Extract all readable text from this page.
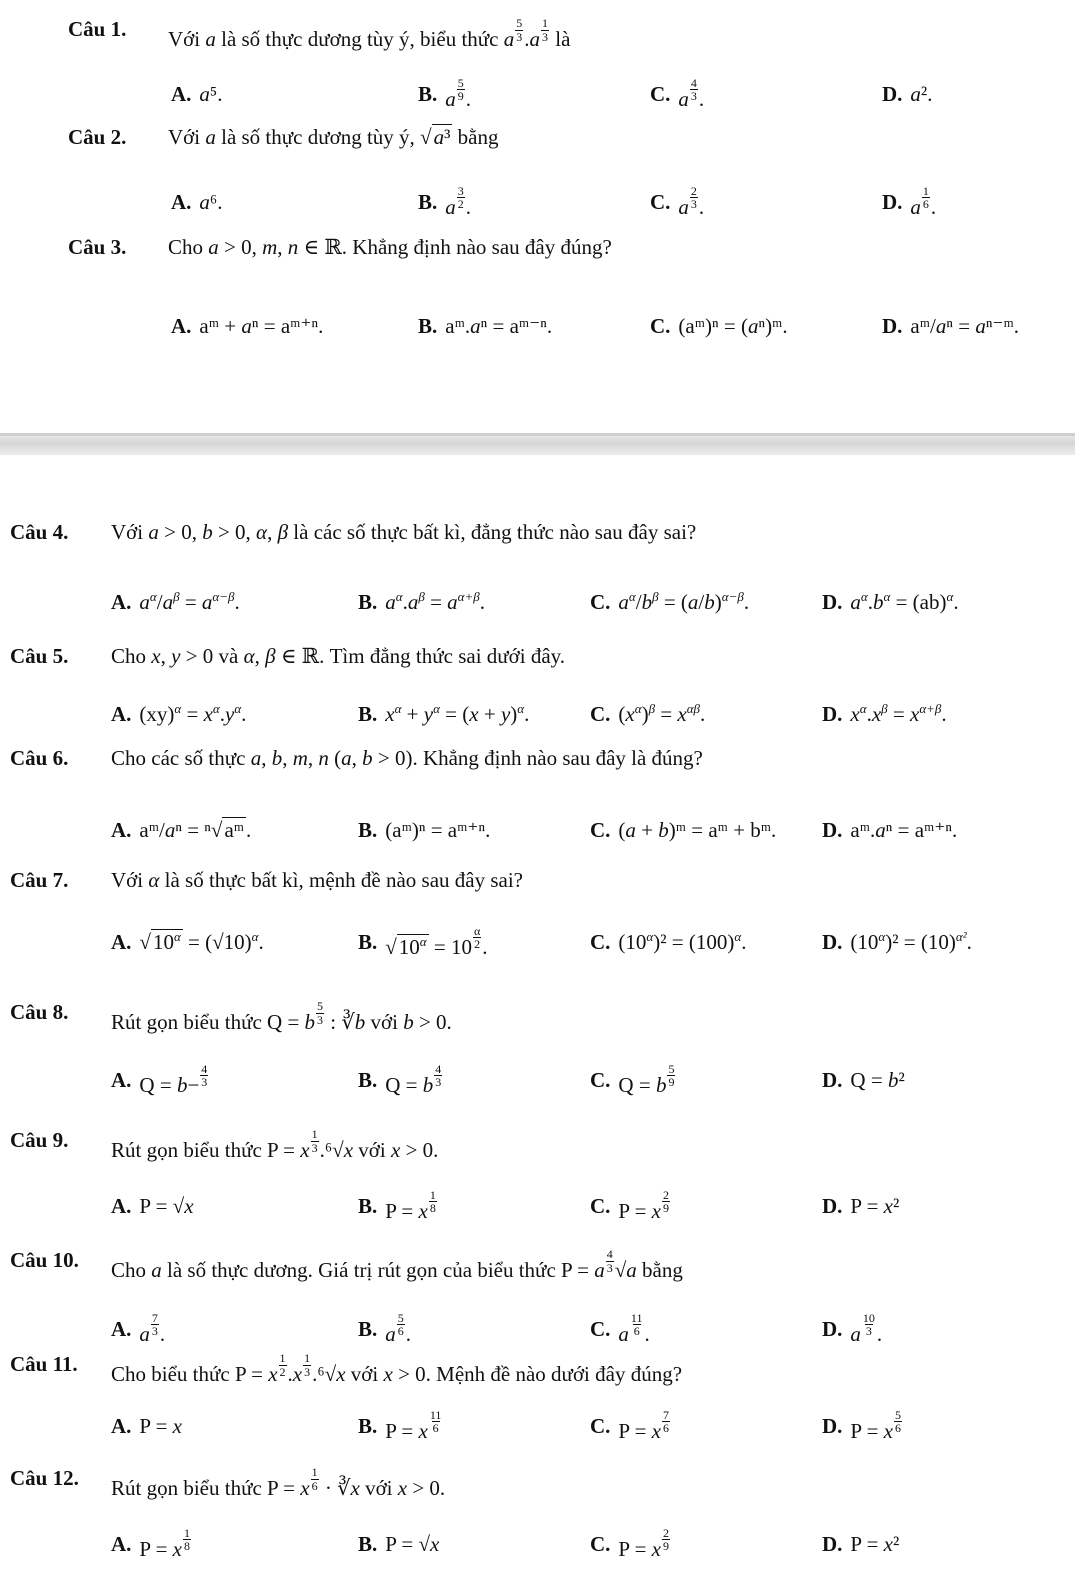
Câu 1. Với a là số thực dương tùy ý, biểu thức a $\frac{5}{3} .a \frac{1}{3}$ là
A. a⁵.	B. a $\frac{5}{9}$ .	C. a $\frac{4}{3}$ .	D. a².
Câu 2. Với a là số thực dương tùy ý, √a³ bằng
A. a⁶.	B. a $\frac{3}{2}$ .	C. a $\frac{2}{3}$ .	D. a $\frac{1}{6}$ .
Câu 3. Cho a > 0, m, n ∈ ℝ. Khẳng định nào sau đây đúng?
A. aᵐ + aⁿ = aᵐ⁺ⁿ.	B. aᵐ.aⁿ = aᵐ⁻ⁿ.	C. (aᵐ)ⁿ = (aⁿ)ᵐ.	D. aᵐ/aⁿ = aⁿ⁻ᵐ.
Câu 4. Với a > 0, b > 0, α, β là các số thực bất kì, đẳng thức nào sau đây sai?
A. $a^\alpha/a^\beta = a^{\alpha-\beta}$.	B. $a^\alpha.a^\beta = a^{\alpha+\beta}$.	C. $a^\alpha/b^\beta = (a/b)^{\alpha-\beta}$.	D. $a^\alpha.b^\alpha = (ab)^\alpha$.
Câu 5. Cho x, y > 0 và α, β ∈ ℝ. Tìm đẳng thức sai dưới đây.
A. $(xy)^\alpha = x^\alpha.y^\alpha$.	B. $x^\alpha + y^\alpha = (x + y)^\alpha$.	C. $(x^\alpha)^\beta = x^{\alpha\beta}$.	D. $x^\alpha.x^\beta = x^{\alpha+\beta}$.
Câu 6. Cho các số thực a, b, m, n (a, b > 0). Khẳng định nào sau đây là đúng?
A. aᵐ/aⁿ = ⁿ√aᵐ.	B. (aᵐ)ⁿ = aᵐ⁺ⁿ.	C. (a + b)ᵐ = aᵐ + bᵐ. D. aᵐ.aⁿ = aᵐ⁺ⁿ.
Câu 7. Với α là số thực bất kì, mệnh đề nào sau đây sai?
A. $√10^\alpha = (√10)^\alpha$.	B. $√10^\alpha = 10 \frac{\alpha}{2}$ .	C. $(10^\alpha)^2 = (100)^\alpha$.	D. $(10^\alpha)^2 = (10)^{\alpha^2}$.
Câu 8. Rút gọn biểu thức Q = b $\frac{5}{3}$ : ∛b với b > 0.
A. $Q = b- \frac{4}{3}$	B. Q = b $\frac{4}{3}$	C. Q = b $\frac{5}{9}$	D. Q = b²
Câu 9. Rút gọn biểu thức P = x $\frac{1}{3} .^6√x$ với x > 0.
A. P = √x	B. P = x $\frac{1}{8}$	C. P = x $\frac{2}{9}$	D. P = x²
Câu 10. Cho a là số thực dương. Giá trị rút gọn của biểu thức P = a $\frac{4}{3} √a$ bằng
A. a $\frac{7}{3}$ .	B. a $\frac{5}{6}$ .	C. a $\frac{11}{6}$ .	D. a $\frac{10}{3}$ .
Câu 11. Cho biểu thức P = x $\frac{1}{2} .x \frac{1}{3} .^6√x$ với x > 0. Mệnh đề nào dưới đây đúng?
A. P = x	B. P = x $\frac{11}{6}$	C. P = x $\frac{7}{6}$	D. P = x $\frac{5}{6}$
Câu 12. Rút gọn biểu thức P = x $\frac{1}{6}$ · ∛x với x > 0.
A. P = x $\frac{1}{8}$	B. P = √x	C. P = x $\frac{2}{9}$	D. P = x²
